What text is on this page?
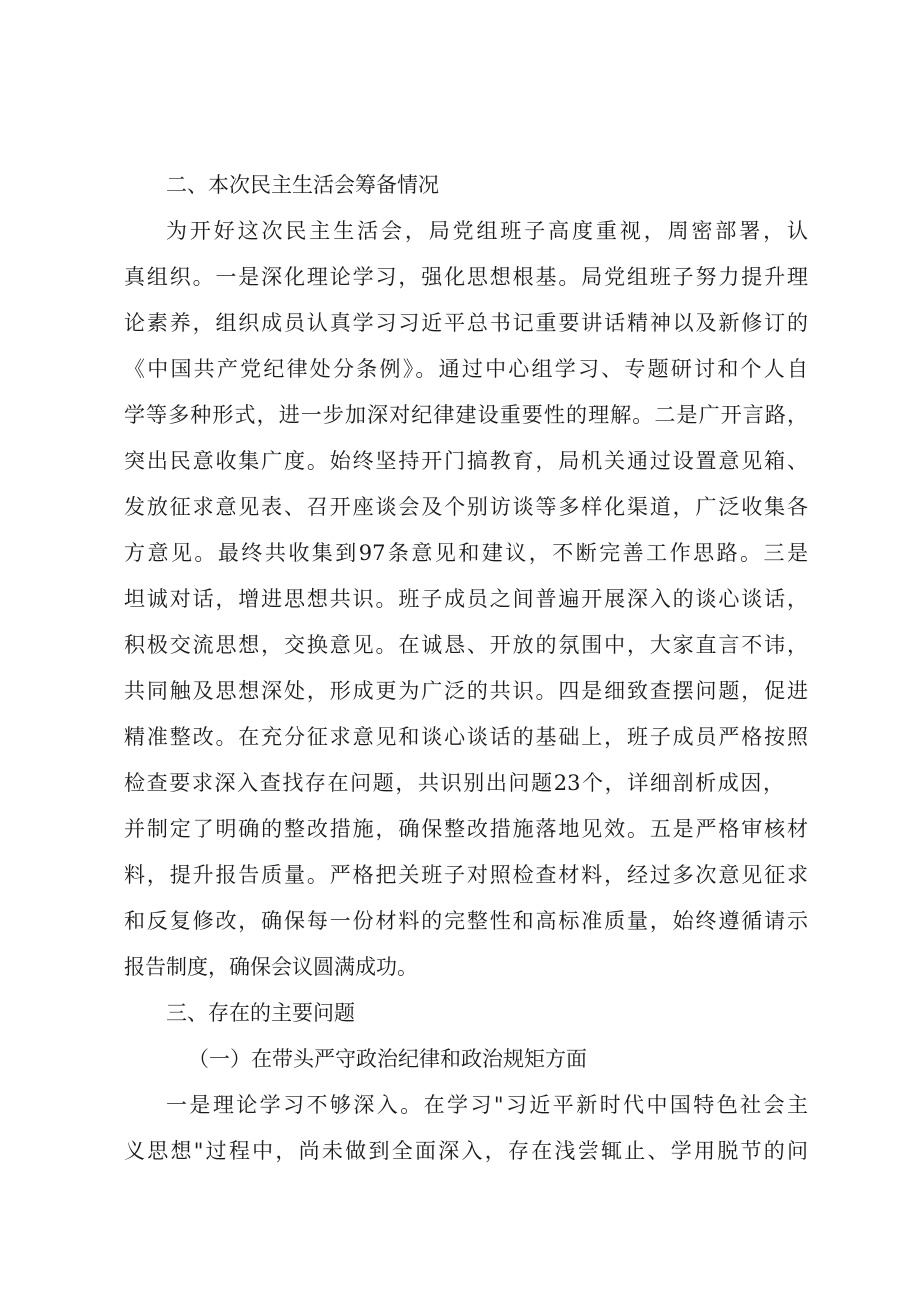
二、本次民主生活会筹备情况
为开好这次民主生活会，局党组班子高度重视，周密部署，认
真组织。一是深化理论学习，强化思想根基。局党组班子努力提升理
论素养，组织成员认真学习习近平总书记重要讲话精神以及新修订的
《中国共产党纪律处分条例》。通过中心组学习、专题研讨和个人自
学等多种形式，进一步加深对纪律建设重要性的理解。二是广开言路，
突出民意收集广度。始终坚持开门搞教育，局机关通过设置意见箱、
发放征求意见表、召开座谈会及个别访谈等多样化渠道，广泛收集各
方意见。最终共收集到97条意见和建议，不断完善工作思路。三是
坦诚对话，增进思想共识。班子成员之间普遍开展深入的谈心谈话，
积极交流思想，交换意见。在诚恳、开放的氛围中，大家直言不讳，
共同触及思想深处，形成更为广泛的共识。四是细致查摆问题，促进
精准整改。在充分征求意见和谈心谈话的基础上，班子成员严格按照
检查要求深入查找存在问题，共识别出问题23个，详细剖析成因，
并制定了明确的整改措施，确保整改措施落地见效。五是严格审核材
料，提升报告质量。严格把关班子对照检查材料，经过多次意见征求
和反复修改，确保每一份材料的完整性和高标准质量，始终遵循请示
报告制度，确保会议圆满成功。
三、存在的主要问题
（一）在带头严守政治纪律和政治规矩方面
一是理论学习不够深入。在学习"习近平新时代中国特色社会主
义思想"过程中，尚未做到全面深入，存在浅尝辄止、学用脱节的问
